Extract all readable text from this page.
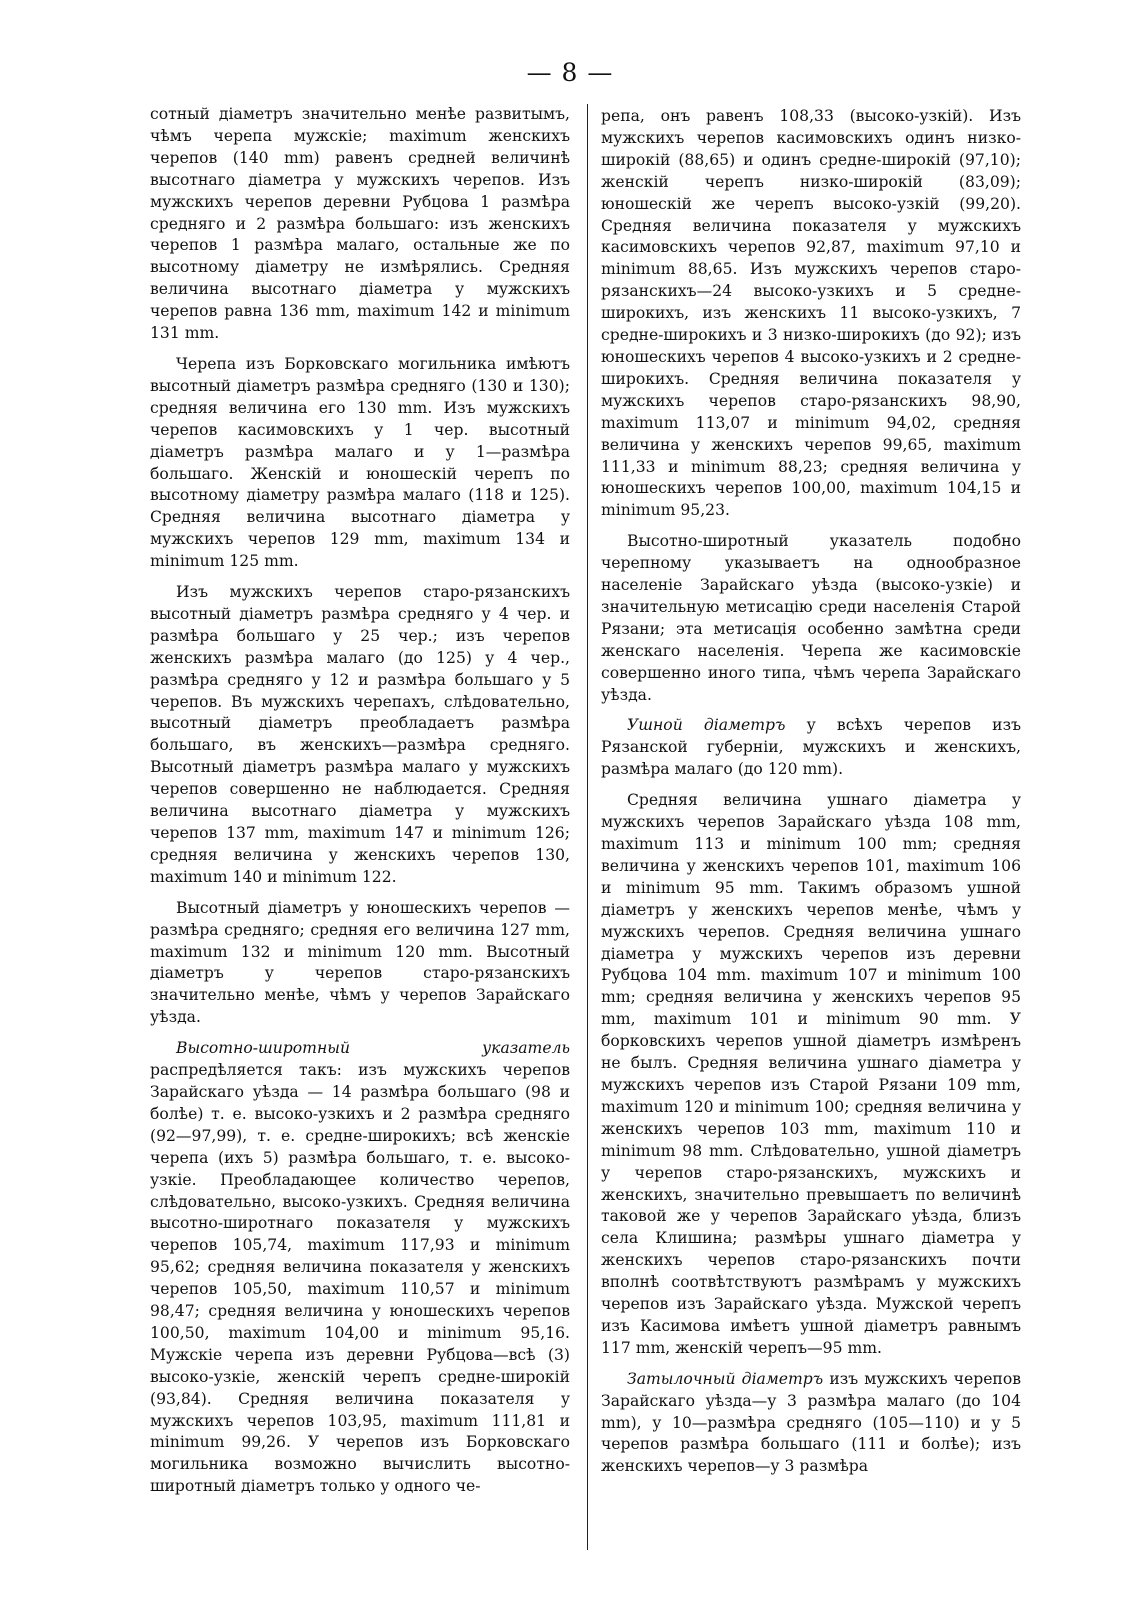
— 8 —

сотный діаметръ значительно менѣе развитымъ, чѣмъ черепа мужскіе; maximum женскихъ черепов (140 mm) равенъ средней величинѣ высотнаго діаметра у мужскихъ черепов. Изъ мужскихъ черепов деревни Рубцова 1 размѣра средняго и 2 размѣра большаго: изъ женскихъ черепов 1 размѣра малаго, остальные же по высотному діаметру не измѣрялись. Средняя величина высотнаго діаметра у мужскихъ черепов равна 136 mm, maximum 142 и minimum 131 mm.

Черепа изъ Борковскаго могильника имѣютъ высотный діаметръ размѣра средняго (130 и 130); средняя величина его 130 mm. Изъ мужскихъ черепов касимовскихъ у 1 чер. высотный діаметръ размѣра малаго и у 1—размѣра большаго. Женскій и юношескій черепъ по высотному діаметру размѣра малаго (118 и 125). Средняя величина высотнаго діаметра у мужскихъ черепов 129 mm, maximum 134 и minimum 125 mm.

Изъ мужскихъ черепов старо-рязанскихъ высотный діаметръ размѣра средняго у 4 чер. и размѣра большаго у 25 чер.; изъ черепов женскихъ размѣра малаго (до 125) у 4 чер., размѣра средняго у 12 и размѣра большаго у 5 черепов. Въ мужскихъ черепахъ, слѣдовательно, высотный діаметръ преобладаетъ размѣра большаго, въ женскихъ—размѣра средняго. Высотный діаметръ размѣра малаго у мужскихъ черепов совершенно не наблюдается. Средняя величина высотнаго діаметра у мужскихъ черепов 137 mm, maximum 147 и minimum 126; средняя величина у женскихъ черепов 130, maximum 140 и minimum 122.

Высотный діаметръ у юношескихъ черепов — размѣра средняго; средняя его величина 127 mm, maximum 132 и minimum 120 mm. Высотный діаметръ у черепов старо-рязанскихъ значительно менѣе, чѣмъ у черепов Зарайскаго уѣзда.

Высотно-широтный указатель распредѣляется такъ: изъ мужскихъ черепов Зарайскаго уѣзда — 14 размѣра большаго (98 и болѣе) т. е. высоко-узкихъ и 2 размѣра средняго (92—97,99), т. е. средне-широкихъ; всѣ женскіе черепа (ихъ 5) размѣра большаго, т. е. высоко-узкіе. Преобладающее количество черепов, слѣдовательно, высоко-узкихъ. Средняя величина высотно-широтнаго показателя у мужскихъ черепов 105,74, maximum 117,93 и minimum 95,62; средняя величина показателя у женскихъ черепов 105,50, maximum 110,57 и minimum 98,47; средняя величина у юношескихъ черепов 100,50, maximum 104,00 и minimum 95,16. Мужскіе черепа изъ деревни Рубцова—всѣ (3) высоко-узкіе, женскій черепъ средне-широкій (93,84). Средняя величина показателя у мужскихъ черепов 103,95, maximum 111,81 и minimum 99,26. У черепов изъ Борковскаго могильника возможно вычислить высотно-широтный діаметръ только у одного че-

репа, онъ равенъ 108,33 (высоко-узкій). Изъ мужскихъ черепов касимовскихъ одинъ низко-широкій (88,65) и одинъ средне-широкій (97,10); женскій черепъ низко-широкій (83,09); юношескій же черепъ высоко-узкій (99,20). Средняя величина показателя у мужскихъ касимовскихъ черепов 92,87, maximum 97,10 и minimum 88,65. Изъ мужскихъ черепов старо-рязанскихъ—24 высоко-узкихъ и 5 средне-широкихъ, изъ женскихъ 11 высоко-узкихъ, 7 средне-широкихъ и 3 низко-широкихъ (до 92); изъ юношескихъ черепов 4 высоко-узкихъ и 2 средне-широкихъ. Средняя величина показателя у мужскихъ черепов старо-рязанскихъ 98,90, maximum 113,07 и minimum 94,02, средняя величина у женскихъ черепов 99,65, maximum 111,33 и minimum 88,23; средняя величина у юношескихъ черепов 100,00, maximum 104,15 и minimum 95,23.

Высотно-широтный указатель подобно черепному указываетъ на однообразное населеніе Зарайскаго уѣзда (высоко-узкіе) и значительную метисацію среди населенія Старой Рязани; эта метисація особенно замѣтна среди женскаго населенія. Черепа же касимовскіе совершенно иного типа, чѣмъ черепа Зарайскаго уѣзда.

Ушной діаметръ у всѣхъ черепов изъ Рязанской губерніи, мужскихъ и женскихъ, размѣра малаго (до 120 mm).

Средняя величина ушнаго діаметра у мужскихъ черепов Зарайскаго уѣзда 108 mm, maximum 113 и minimum 100 mm; средняя величина у женскихъ черепов 101, maximum 106 и minimum 95 mm. Такимъ образомъ ушной діаметръ у женскихъ черепов менѣе, чѣмъ у мужскихъ черепов. Средняя величина ушнаго діаметра у мужскихъ черепов изъ деревни Рубцова 104 mm. maximum 107 и minimum 100 mm; средняя величина у женскихъ черепов 95 mm, maximum 101 и minimum 90 mm. У борковскихъ черепов ушной діаметръ измѣренъ не былъ. Средняя величина ушнаго діаметра у мужскихъ черепов изъ Старой Рязани 109 mm, maximum 120 и minimum 100; средняя величина у женскихъ черепов 103 mm, maximum 110 и minimum 98 mm. Слѣдовательно, ушной діаметръ у черепов старо-рязанскихъ, мужскихъ и женскихъ, значительно превышаетъ по величинѣ таковой же у черепов Зарайскаго уѣзда, близъ села Клишина; размѣры ушнаго діаметра у женскихъ черепов старо-рязанскихъ почти вполнѣ соотвѣтствуютъ размѣрамъ у мужскихъ черепов изъ Зарайскаго уѣзда. Мужской черепъ изъ Касимова имѣетъ ушной діаметръ равнымъ 117 mm, женскій черепъ—95 mm.

Затылочный діаметръ изъ мужскихъ черепов Зарайскаго уѣзда—у 3 размѣра малаго (до 104 mm), у 10—размѣра средняго (105—110) и у 5 черепов размѣра большаго (111 и болѣе); изъ женскихъ черепов—у 3 размѣра
